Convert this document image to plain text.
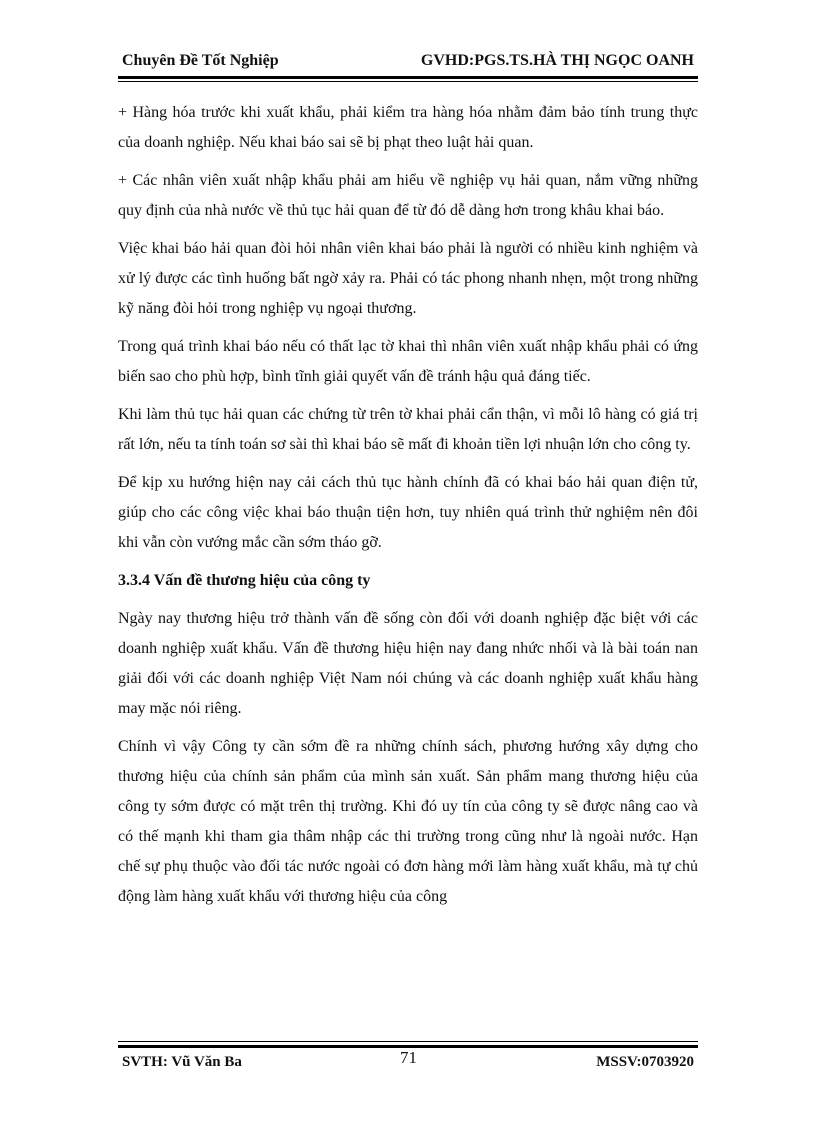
Chuyên Đề Tốt Nghiệp	GVHD:PGS.TS.HÀ THỊ NGỌC OANH

+ Hàng hóa trước khi xuất khẩu, phải kiểm tra hàng hóa nhằm đảm bảo tính trung thực của doanh nghiệp. Nếu khai báo sai sẽ bị phạt theo luật hải quan.

+ Các nhân viên xuất nhập khẩu phải am hiểu về nghiệp vụ hải quan, nắm vững những quy định của nhà nước về thủ tục hải quan để từ đó dễ dàng hơn trong khâu khai báo.

Việc khai báo hải quan đòi hỏi nhân viên khai báo phải là người có nhiều kinh nghiệm và xử lý được các tình huống bất ngờ xảy ra. Phải có tác phong nhanh nhẹn, một trong những kỹ năng đòi hỏi trong nghiệp vụ ngoại thương.

Trong quá trình khai báo nếu có thất lạc tờ khai thì nhân viên xuất nhập khẩu phải có ứng biến sao cho phù hợp, bình tĩnh giải quyết vấn đề tránh hậu quả đáng tiếc.

Khi làm thủ tục hải quan các chứng từ trên tờ khai phải cẩn thận, vì mỗi lô hàng có giá trị rất lớn, nếu ta tính toán sơ sài thì khai báo sẽ mất đi khoản tiền lợi nhuận lớn cho công ty.

Để kịp xu hướng hiện nay cải cách thủ tục hành chính đã có khai báo hải quan điện tử, giúp cho các công việc khai báo thuận tiện hơn, tuy nhiên quá trình thử nghiệm nên đôi khi vẫn còn vướng mắc cần sớm tháo gỡ.

3.3.4 Vấn đề thương hiệu của công ty

Ngày nay thương hiệu trở thành vấn đề sống còn đối với doanh nghiệp đặc biệt với các doanh nghiệp xuất khẩu. Vấn đề thương hiệu hiện nay đang nhức nhối và là bài toán nan giải đối với các doanh nghiệp Việt Nam nói chúng và các doanh nghiệp xuất khẩu hàng may mặc nói riêng.

Chính vì vậy Công ty cần sớm đề ra những chính sách, phương hướng xây dựng cho thương hiệu của chính sản phẩm của mình sản xuất. Sản phẩm mang thương hiệu của công ty sớm được có mặt trên thị trường. Khi đó uy tín của công ty sẽ được nâng cao và có thế mạnh khi tham gia thâm nhập các thi trường trong cũng như là ngoài nước. Hạn chế sự phụ thuộc vào đối tác nước ngoài có đơn hàng mới làm hàng xuất khẩu, mà tự chủ động làm hàng xuất khẩu với thương hiệu của công

SVTH: Vũ Văn Ba	71	MSSV:0703920
